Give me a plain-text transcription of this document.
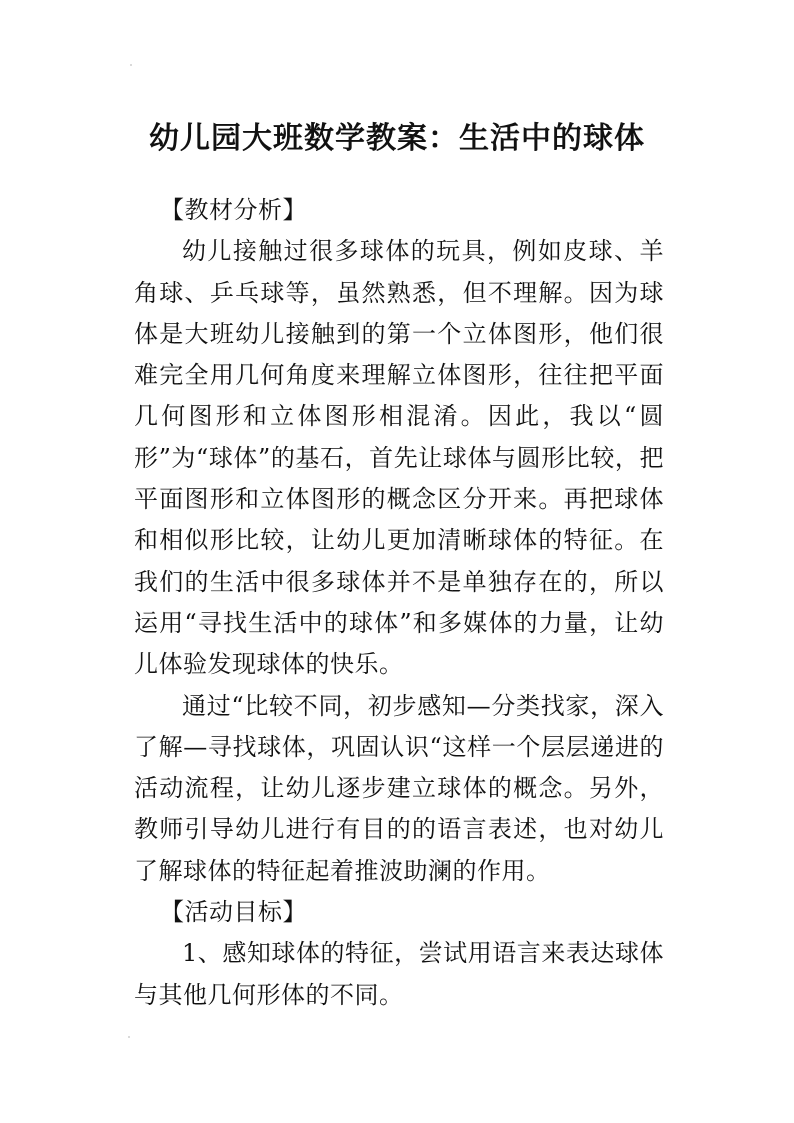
幼儿园大班数学教案：生活中的球体

【教材分析】

幼儿接触过很多球体的玩具，例如皮球、羊角球、乒乓球等，虽然熟悉，但不理解。因为球体是大班幼儿接触到的第一个立体图形，他们很难完全用几何角度来理解立体图形，往往把平面几何图形和立体图形相混淆。因此，我以“圆形”为“球体”的基石，首先让球体与圆形比较，把平面图形和立体图形的概念区分开来。再把球体和相似形比较，让幼儿更加清晰球体的特征。在我们的生活中很多球体并不是单独存在的，所以运用“寻找生活中的球体”和多媒体的力量，让幼儿体验发现球体的快乐。

通过“比较不同，初步感知—分类找家，深入了解—寻找球体，巩固认识“这样一个层层递进的活动流程，让幼儿逐步建立球体的概念。另外，教师引导幼儿进行有目的的语言表述，也对幼儿了解球体的特征起着推波助澜的作用。

【活动目标】

1、感知球体的特征，尝试用语言来表达球体与其他几何形体的不同。
